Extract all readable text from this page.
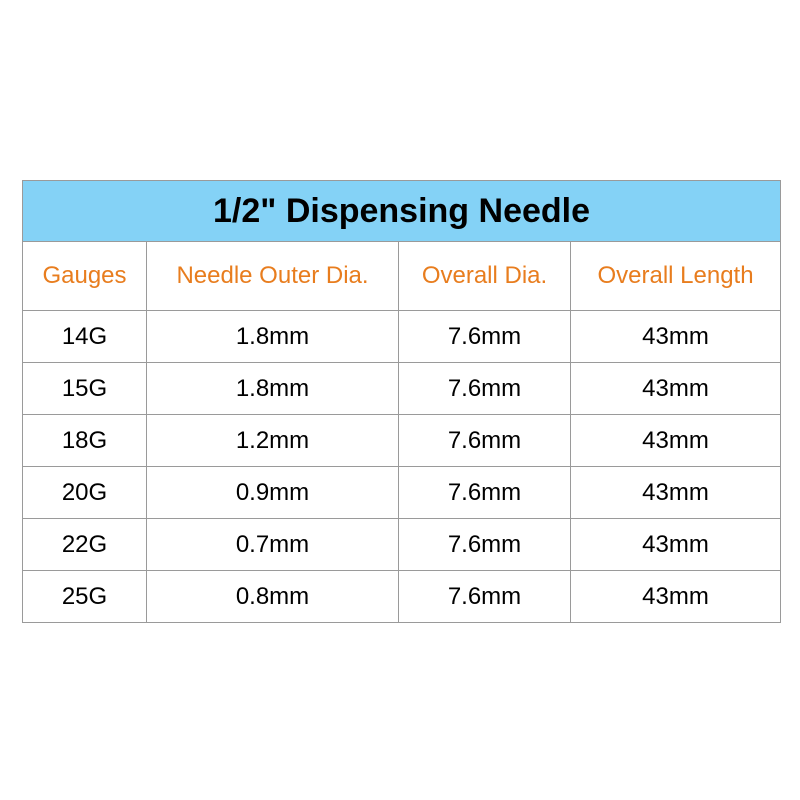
1/2" Dispensing Needle			
Gauges	Needle Outer Dia.	Overall Dia.	Overall Length
14G	1.8mm	7.6mm	43mm
15G	1.8mm	7.6mm	43mm
18G	1.2mm	7.6mm	43mm
20G	0.9mm	7.6mm	43mm
22G	0.7mm	7.6mm	43mm
25G	0.8mm	7.6mm	43mm
